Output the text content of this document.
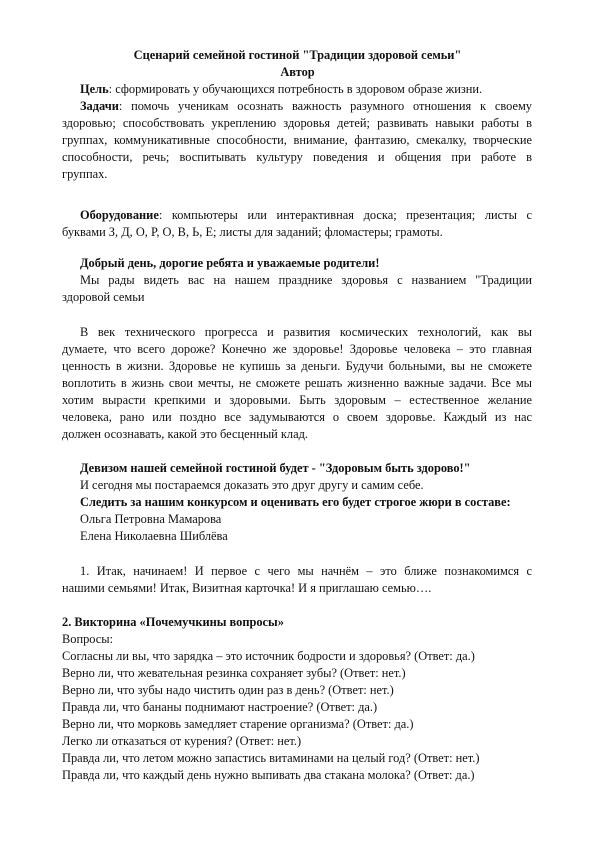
Сценарий семейной гостиной "Традиции здоровой семьи"
Автор
Цель: сформировать у обучающихся потребность в здоровом образе жизни.
Задачи: помочь ученикам осознать важность разумного отношения к своему
здоровью; способствовать укреплению здоровья детей; развивать навыки работы в
группах, коммуникативные способности, внимание, фантазию, смекалку, творческие
способности, речь; воспитывать культуру поведения и общения при работе в
группах.
Оборудование: компьютеры или интерактивная доска; презентация; листы с
буквами З, Д, О, Р, О, В, Ь, Е; листы для заданий; фломастеры; грамоты.
Добрый день, дорогие ребята и уважаемые родители!
Мы рады видеть вас на нашем празднике здоровья с названием "Традиции
здоровой семьи
В век технического прогресса и развития космических технологий, как вы
думаете, что всего дороже? Конечно же здоровье! Здоровье человека – это главная
ценность в жизни. Здоровье не купишь за деньги. Будучи больными, вы не сможете
воплотить в жизнь свои мечты, не сможете решать жизненно важные задачи. Все мы
хотим вырасти крепкими и здоровыми. Быть здоровым – естественное желание
человека, рано или поздно все задумываются о своем здоровье. Каждый из нас
должен осознавать, какой это бесценный клад.
Девизом нашей семейной гостиной будет - "Здоровым быть здорово!"
И сегодня мы постараемся доказать это друг другу и самим себе.
Следить за нашим конкурсом и оценивать его будет строгое жюри в составе:
Ольга Петровна Мамарова
Елена Николаевна Шиблёва
1. Итак, начинаем! И первое с чего мы начнём – это ближе познакомимся с
нашими семьями! Итак, Визитная карточка! И я приглашаю семью….
2. Викторина «Почемучкины вопросы»
Вопросы:
Согласны ли вы, что зарядка – это источник бодрости и здоровья? (Ответ: да.)
Верно ли, что жевательная резинка сохраняет зубы? (Ответ: нет.)
Верно ли, что зубы надо чистить один раз в день? (Ответ: нет.)
Правда ли, что бананы поднимают настроение? (Ответ: да.)
Верно ли, что морковь замедляет старение организма? (Ответ: да.)
Легко ли отказаться от курения? (Ответ: нет.)
Правда ли, что летом можно запастись витаминами на целый год? (Ответ: нет.)
Правда ли, что каждый день нужно выпивать два стакана молока? (Ответ: да.)
